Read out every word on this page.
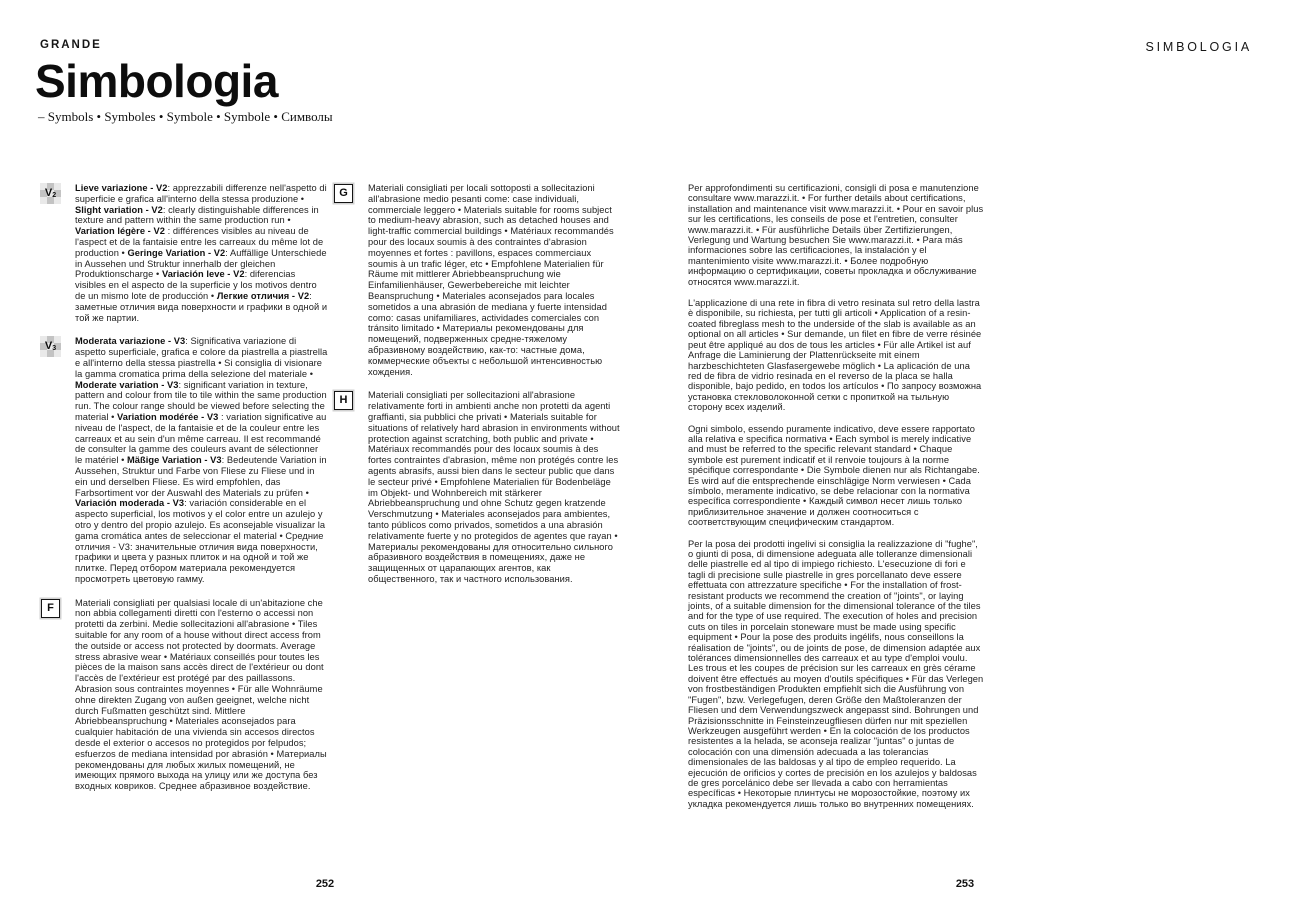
GRANDE
Simbologia
– Symbols • Symboles • Symbole • Symbole • Символы
SIMBOLOGIA
V 2

Lieve variazione - V2: apprezzabili differenze nell'aspetto di superficie e grafica all'interno della stessa produzione • Slight variation - V2: clearly distinguishable differences in texture and pattern within the same production run • Variation légère - V2 : différences visibles au niveau de l'aspect et de la fantaisie entre les carreaux du même lot de production • Geringe Variation - V2: Auffällige Unterschiede in Aussehen und Struktur innerhalb der gleichen Produktionscharge • Variación leve - V2: diferencias visibles en el aspecto de la superficie y los motivos dentro de un mismo lote de producción • Легкие отличия - V2: заметные отличия вида поверхности и графики в одной и той же партии.

V 3

Moderata variazione - V3: Significativa variazione di aspetto superficiale, grafica e colore da piastrella a piastrella e all'interno della stessa piastrella • Si consiglia di visionare la gamma cromatica prima della selezione del materiale • Moderate variation - V3: significant variation in texture, pattern and colour from tile to tile within the same production run. The colour range should be viewed before selecting the material • Variation modérée - V3 : variation significative au niveau de l'aspect, de la fantaisie et de la couleur entre les carreaux et au sein d'un même carreau. Il est recommandé de consulter la gamme des couleurs avant de sélectionner le matériel • Mäßige Variation - V3: Bedeutende Variation in Aussehen, Struktur und Farbe von Fliese zu Fliese und in ein und derselben Fliese. Es wird empfohlen, das Farbsortiment vor der Auswahl des Materials zu prüfen • Variación moderada - V3: variación considerable en el aspecto superficial, los motivos y el color entre un azulejo y otro y dentro del propio azulejo. Es aconsejable visualizar la gama cromática antes de seleccionar el material • Средние отличия - V3: значительные отличия вида поверхности, графики и цвета у разных плиток и на одной и той же плитке. Перед отбором материала рекомендуется просмотреть цветовую гамму.

F	Materiali consigliati per qualsiasi locale di un'abitazione che non abbia collegamenti diretti con l'esterno o accessi non protetti da zerbini. Medie sollecitazioni all'abrasione • Tiles suitable for any room of a house without direct access from the outside or access not protected by doormats. Average stress abrasive wear • Matériaux conseillés pour toutes les pièces de la maison sans accès direct de l'extérieur ou dont l'accès de l'extérieur est protégé par des paillassons. Abrasion sous contraintes moyennes • Für alle Wohnräume ohne direkten Zugang von außen geeignet, welche nicht durch Fußmatten geschützt sind. Mittlere Abriebbeanspruchung • Materiales aconsejados para cualquier habitación de una vivienda sin accesos directos desde el exterior o accesos no protegidos por felpudos; esfuerzos de mediana intensidad por abrasión • Материалы рекомендованы для любых жилых помещений, не имеющих прямого выхода на улицу или же доступа без входных ковриков. Среднее абразивное воздействие.

G	Materiali consigliati per locali sottoposti a sollecitazioni all'abrasione medio pesanti come: case individuali, commerciale leggero • Materials suitable for rooms subject to medium-heavy abrasion, such as detached houses and light-traffic commercial buildings • Matériaux recommandés pour des locaux soumis à des contraintes d'abrasion moyennes et fortes : pavillons, espaces commerciaux soumis à un trafic léger, etc • Empfohlene Materialien für Räume mit mittlerer Abriebbeanspruchung wie Einfamilienhäuser, Gewerbebereiche mit leichter Beanspruchung • Materiales aconsejados para locales sometidos a una abrasión de mediana y fuerte intensidad como: casas unifamiliares, actividades comerciales con tránsito limitado • Материалы рекомендованы для помещений, подверженных средне-тяжелому абразивному воздействию, как-то: частные дома, коммерческие объекты с небольшой интенсивностью хождения.

H	Materiali consigliati per sollecitazioni all'abrasione relativamente forti in ambienti anche non protetti da agenti graffianti, sia pubblici che privati • Materials suitable for situations of relatively hard abrasion in environments without protection against scratching, both public and private • Matériaux recommandés pour des locaux soumis à des fortes contraintes d'abrasion, même non protégés contre les agents abrasifs, aussi bien dans le secteur public que dans le secteur privé • Empfohlene Materialien für Bodenbeläge im Objekt- und Wohnbereich mit stärkerer Abriebbeanspruchung und ohne Schutz gegen kratzende Verschmutzung • Materiales aconsejados para ambientes, tanto públicos como privados, sometidos a una abrasión relativamente fuerte y no protegidos de agentes que rayan • Материалы рекомендованы для относительно сильного абразивного воздействия в помещениях, даже не защищенных от царапающих агентов, как общественного, так и частного использования.

Per approfondimenti su certificazioni, consigli di posa e manutenzione consultare www.marazzi.it. • For further details about certifications, installation and maintenance visit www.marazzi.it. • Pour en savoir plus sur les certifications, les conseils de pose et l'entretien, consulter www.marazzi.it. • Für ausführliche Details über Zertifizierungen, Verlegung und Wartung besuchen Sie www.marazzi.it. • Para más informaciones sobre las certificaciones, la instalación y el mantenimiento visite www.marazzi.it. • Более подробную информацию о сертификации, советы прокладка и обслуживание относятся www.marazzi.it.

L'applicazione di una rete in fibra di vetro resinata sul retro della lastra è disponibile, su richiesta, per tutti gli articoli • Application of a resin-coated fibreglass mesh to the underside of the slab is available as an optional on all articles • Sur demande, un filet en fibre de verre résinée peut être appliqué au dos de tous les articles • Für alle Artikel ist auf Anfrage die Laminierung der Plattenrückseite mit einem harzbeschichteten Glasfasergewebe möglich • La aplicación de una red de fibra de vidrio resinada en el reverso de la placa se halla disponible, bajo pedido, en todos los artículos • По запросу возможна установка стекловолоконной сетки с пропиткой на тыльную сторону всех изделий.

Ogni simbolo, essendo puramente indicativo, deve essere rapportato alla relativa e specifica normativa • Each symbol is merely indicative and must be referred to the specific relevant standard • Chaque symbole est purement indicatif et il renvoie toujours à la norme spécifique correspondante • Die Symbole dienen nur als Richtangabe. Es wird auf die entsprechende einschlägige Norm verwiesen • Cada símbolo, meramente indicativo, se debe relacionar con la normativa específica correspondiente • Каждый символ несет лишь только приблизительное значение и должен соотноситься с соответствующим специфическим стандартом.

Per la posa dei prodotti ingelivi si consiglia la realizzazione di "fughe", o giunti di posa, di dimensione adeguata alle tolleranze dimensionali delle piastrelle ed al tipo di impiego richiesto. L'esecuzione di fori e tagli di precisione sulle piastrelle in gres porcellanato deve essere effettuata con attrezzature specifiche • For the installation of frost-resistant products we recommend the creation of "joints", or laying joints, of a suitable dimension for the dimensional tolerance of the tiles and for the type of use required. The execution of holes and precision cuts on tiles in porcelain stoneware must be made using specific equipment • Pour la pose des produits ingélifs, nous conseillons la réalisation de "joints", ou de joints de pose, de dimension adaptée aux tolérances dimensionnelles des carreaux et au type d'emploi voulu. Les trous et les coupes de précision sur les carreaux en grès cérame doivent être effectués au moyen d'outils spécifiques • Für das Verlegen von frostbeständigen Produkten empfiehlt sich die Ausführung von "Fugen", bzw. Verlegefugen, deren Größe den Maßtoleranzen der Fliesen und dem Verwendungszweck angepasst sind. Bohrungen und Präzisionsschnitte in Feinsteinzeugfliesen dürfen nur mit speziellen Werkzeugen ausgeführt werden • En la colocación de los productos resistentes a la helada, se aconseja realizar "juntas" o juntas de colocación con una dimensión adecuada a las tolerancias dimensionales de las baldosas y al tipo de empleo requerido. La ejecución de orificios y cortes de precisión en los azulejos y baldosas de gres porcelánico debe ser llevada a cabo con herramientas específicas • Некоторые плинтусы не морозостойкие, поэтому их укладка рекомендуется лишь только во внутренних помещениях.

252	253
